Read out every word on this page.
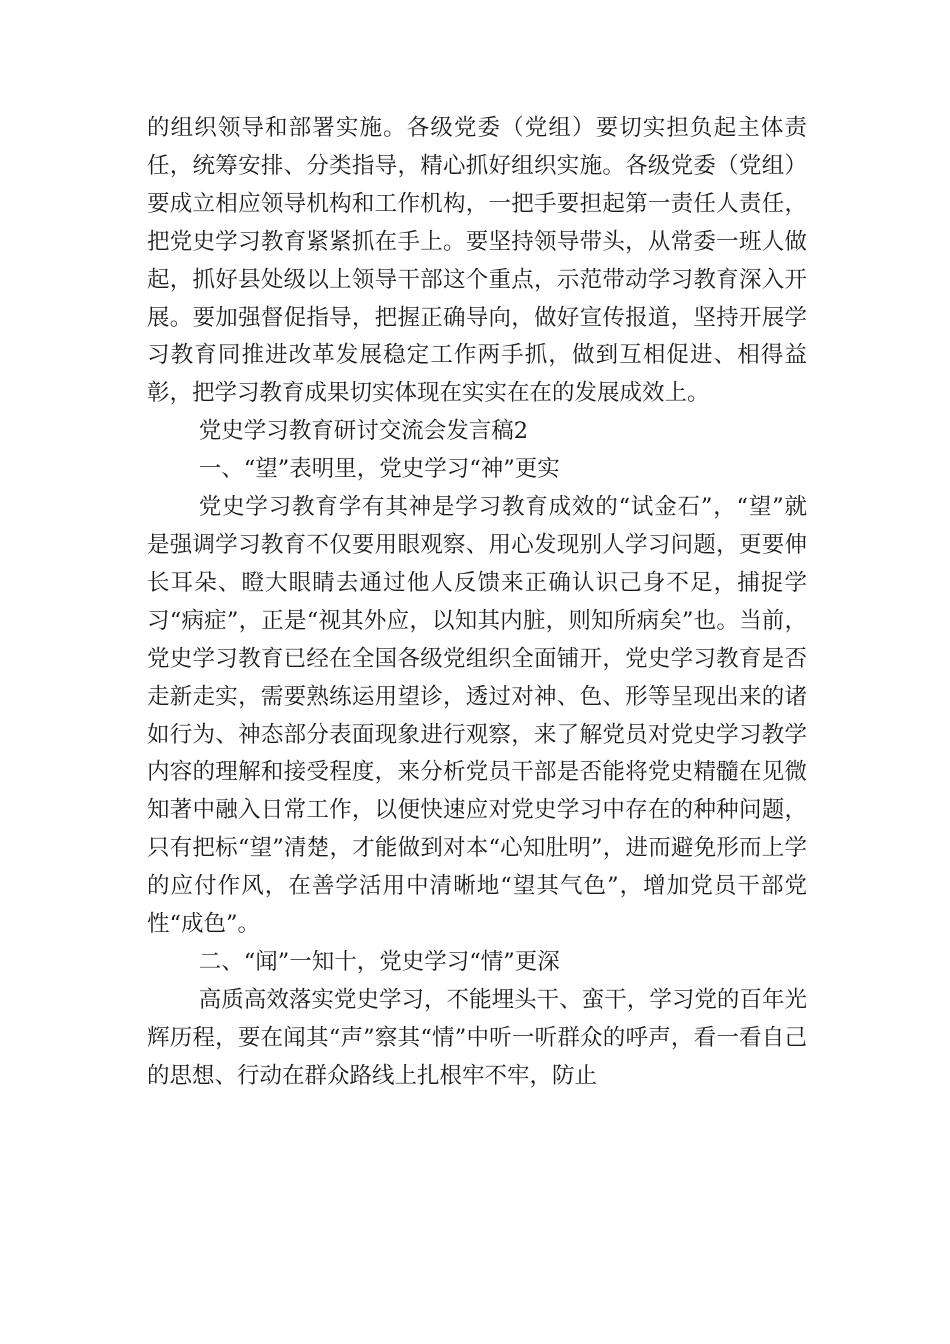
的组织领导和部署实施。各级党委（党组）要切实担负起主体责任，统筹安排、分类指导，精心抓好组织实施。各级党委（党组）要成立相应领导机构和工作机构，一把手要担起第一责任人责任，把党史学习教育紧紧抓在手上。要坚持领导带头，从常委一班人做起，抓好县处级以上领导干部这个重点，示范带动学习教育深入开展。要加强督促指导，把握正确导向，做好宣传报道，坚持开展学习教育同推进改革发展稳定工作两手抓，做到互相促进、相得益彰，把学习教育成果切实体现在实实在在的发展成效上。

党史学习教育研讨交流会发言稿2

一、“望”表明里，党史学习“神”更实

党史学习教育学有其神是学习教育成效的“试金石”，“望”就是强调学习教育不仅要用眼观察、用心发现别人学习问题，更要伸长耳朵、瞪大眼睛去通过他人反馈来正确认识己身不足，捕捉学习“病症”，正是“视其外应，以知其内脏，则知所病矣”也。当前，党史学习教育已经在全国各级党组织全面铺开，党史学习教育是否走新走实，需要熟练运用望诊，透过对神、色、形等呈现出来的诸如行为、神态部分表面现象进行观察，来了解党员对党史学习教学内容的理解和接受程度，来分析党员干部是否能将党史精髓在见微知著中融入日常工作，以便快速应对党史学习中存在的种种问题，只有把标“望”清楚，才能做到对本“心知肚明”，进而避免形而上学的应付作风，在善学活用中清晰地“望其气色”，增加党员干部党性“成色”。

二、“闻”一知十，党史学习“情”更深

高质高效落实党史学习，不能埋头干、蛮干，学习党的百年光辉历程，要在闻其“声”察其“情”中听一听群众的呼声，看一看自己的思想、行动在群众路线上扎根牢不牢，防止
